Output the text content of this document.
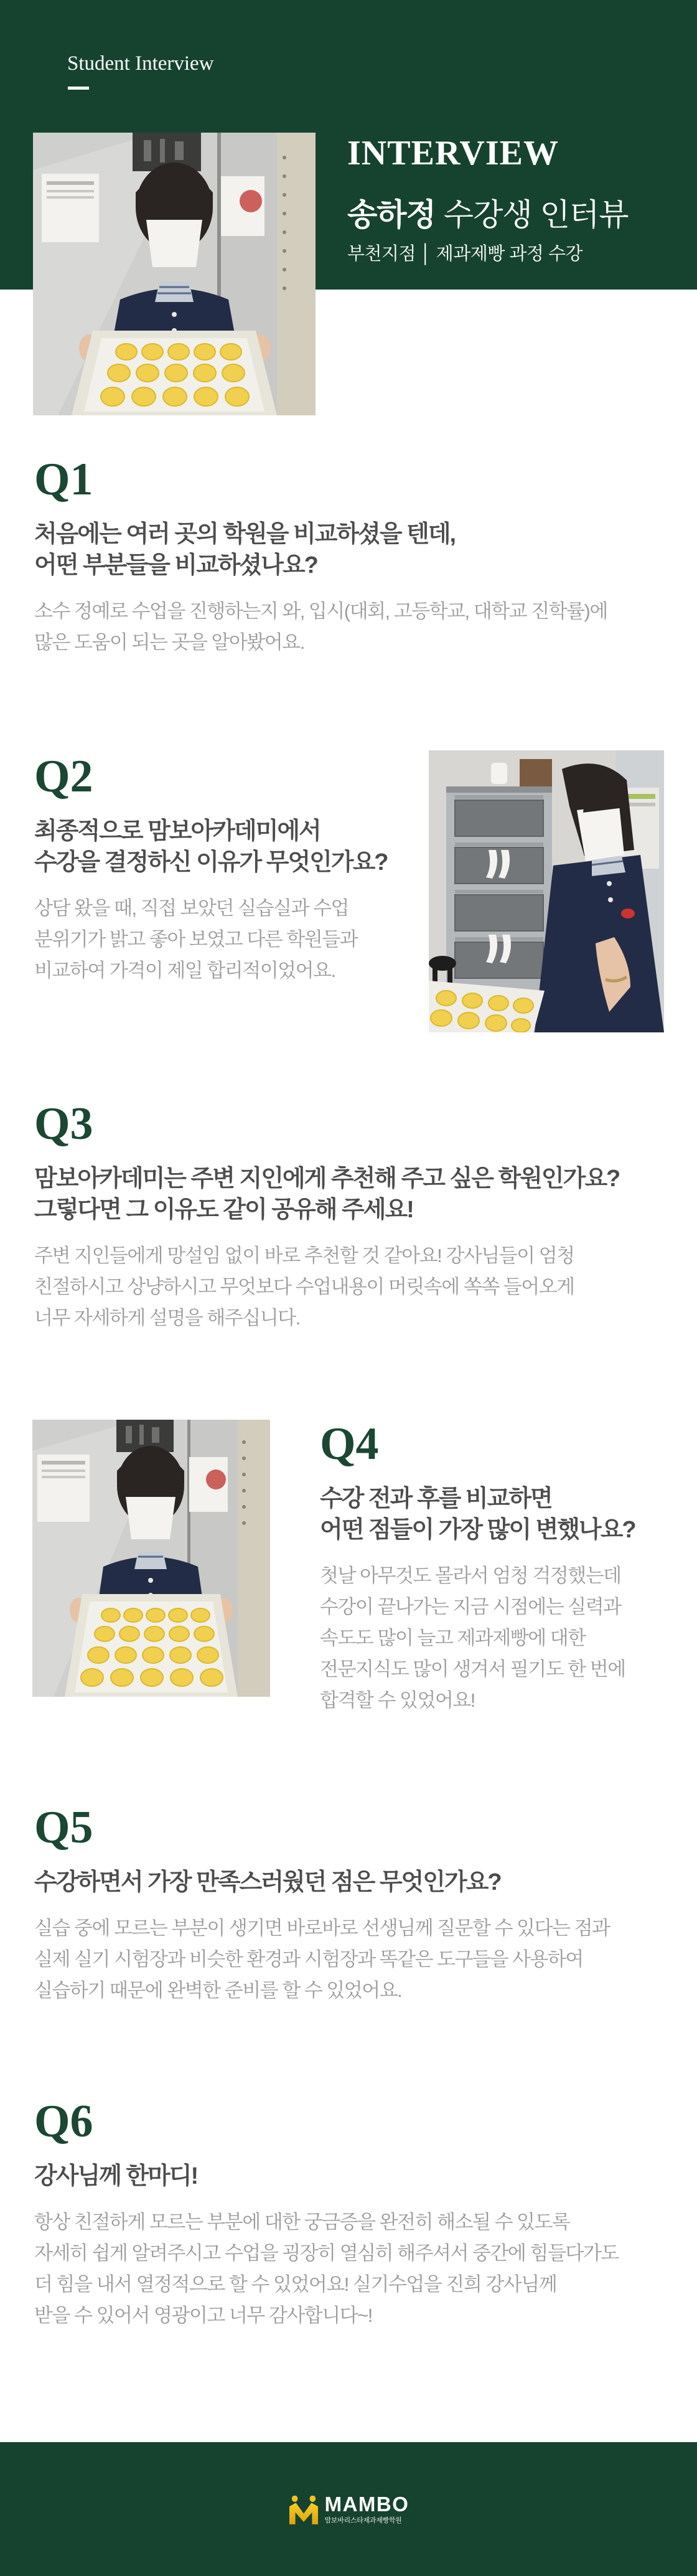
Student Interview
INTERVIEW
송하정 수강생 인터뷰
부천지점 │ 제과제빵 과정 수강
Q1
처음에는 여러 곳의 학원을 비교하셨을 텐데,
어떤 부분들을 비교하셨나요?
소수 정예로 수업을 진행하는지 와, 입시(대회, 고등학교, 대학교 진학률)에
많은 도움이 되는 곳을 알아봤어요.
Q2
최종적으로 맘보아카데미에서
수강을 결정하신 이유가 무엇인가요?
상담 왔을 때, 직접 보았던 실습실과 수업
분위기가 밝고 좋아 보였고 다른 학원들과
비교하여 가격이 제일 합리적이었어요.
Q3
맘보아카데미는 주변 지인에게 추천해 주고 싶은 학원인가요?
그렇다면 그 이유도 같이 공유해 주세요!
주변 지인들에게 망설임 없이 바로 추천할 것 같아요! 강사님들이 엄청
친절하시고 상냥하시고 무엇보다 수업내용이 머릿속에 쏙쏙 들어오게
너무 자세하게 설명을 해주십니다.
Q4
수강 전과 후를 비교하면
어떤 점들이 가장 많이 변했나요?
첫날 아무것도 몰라서 엄청 걱정했는데
수강이 끝나가는 지금 시점에는 실력과
속도도 많이 늘고 제과제빵에 대한
전문지식도 많이 생겨서 필기도 한 번에
합격할 수 있었어요!
Q5
수강하면서 가장 만족스러웠던 점은 무엇인가요?
실습 중에 모르는 부분이 생기면 바로바로 선생님께 질문할 수 있다는 점과
실제 실기 시험장과 비슷한 환경과 시험장과 똑같은 도구들을 사용하여
실습하기 때문에 완벽한 준비를 할 수 있었어요.
Q6
강사님께 한마디!
항상 친절하게 모르는 부분에 대한 궁금증을 완전히 해소될 수 있도록
자세히 쉽게 알려주시고 수업을 굉장히 열심히 해주셔서 중간에 힘들다가도
더 힘을 내서 열정적으로 할 수 있었어요! 실기수업을 진희 강사님께
받을 수 있어서 영광이고 너무 감사합니다~!
MAMBO
맘보바리스타제과제빵학원
